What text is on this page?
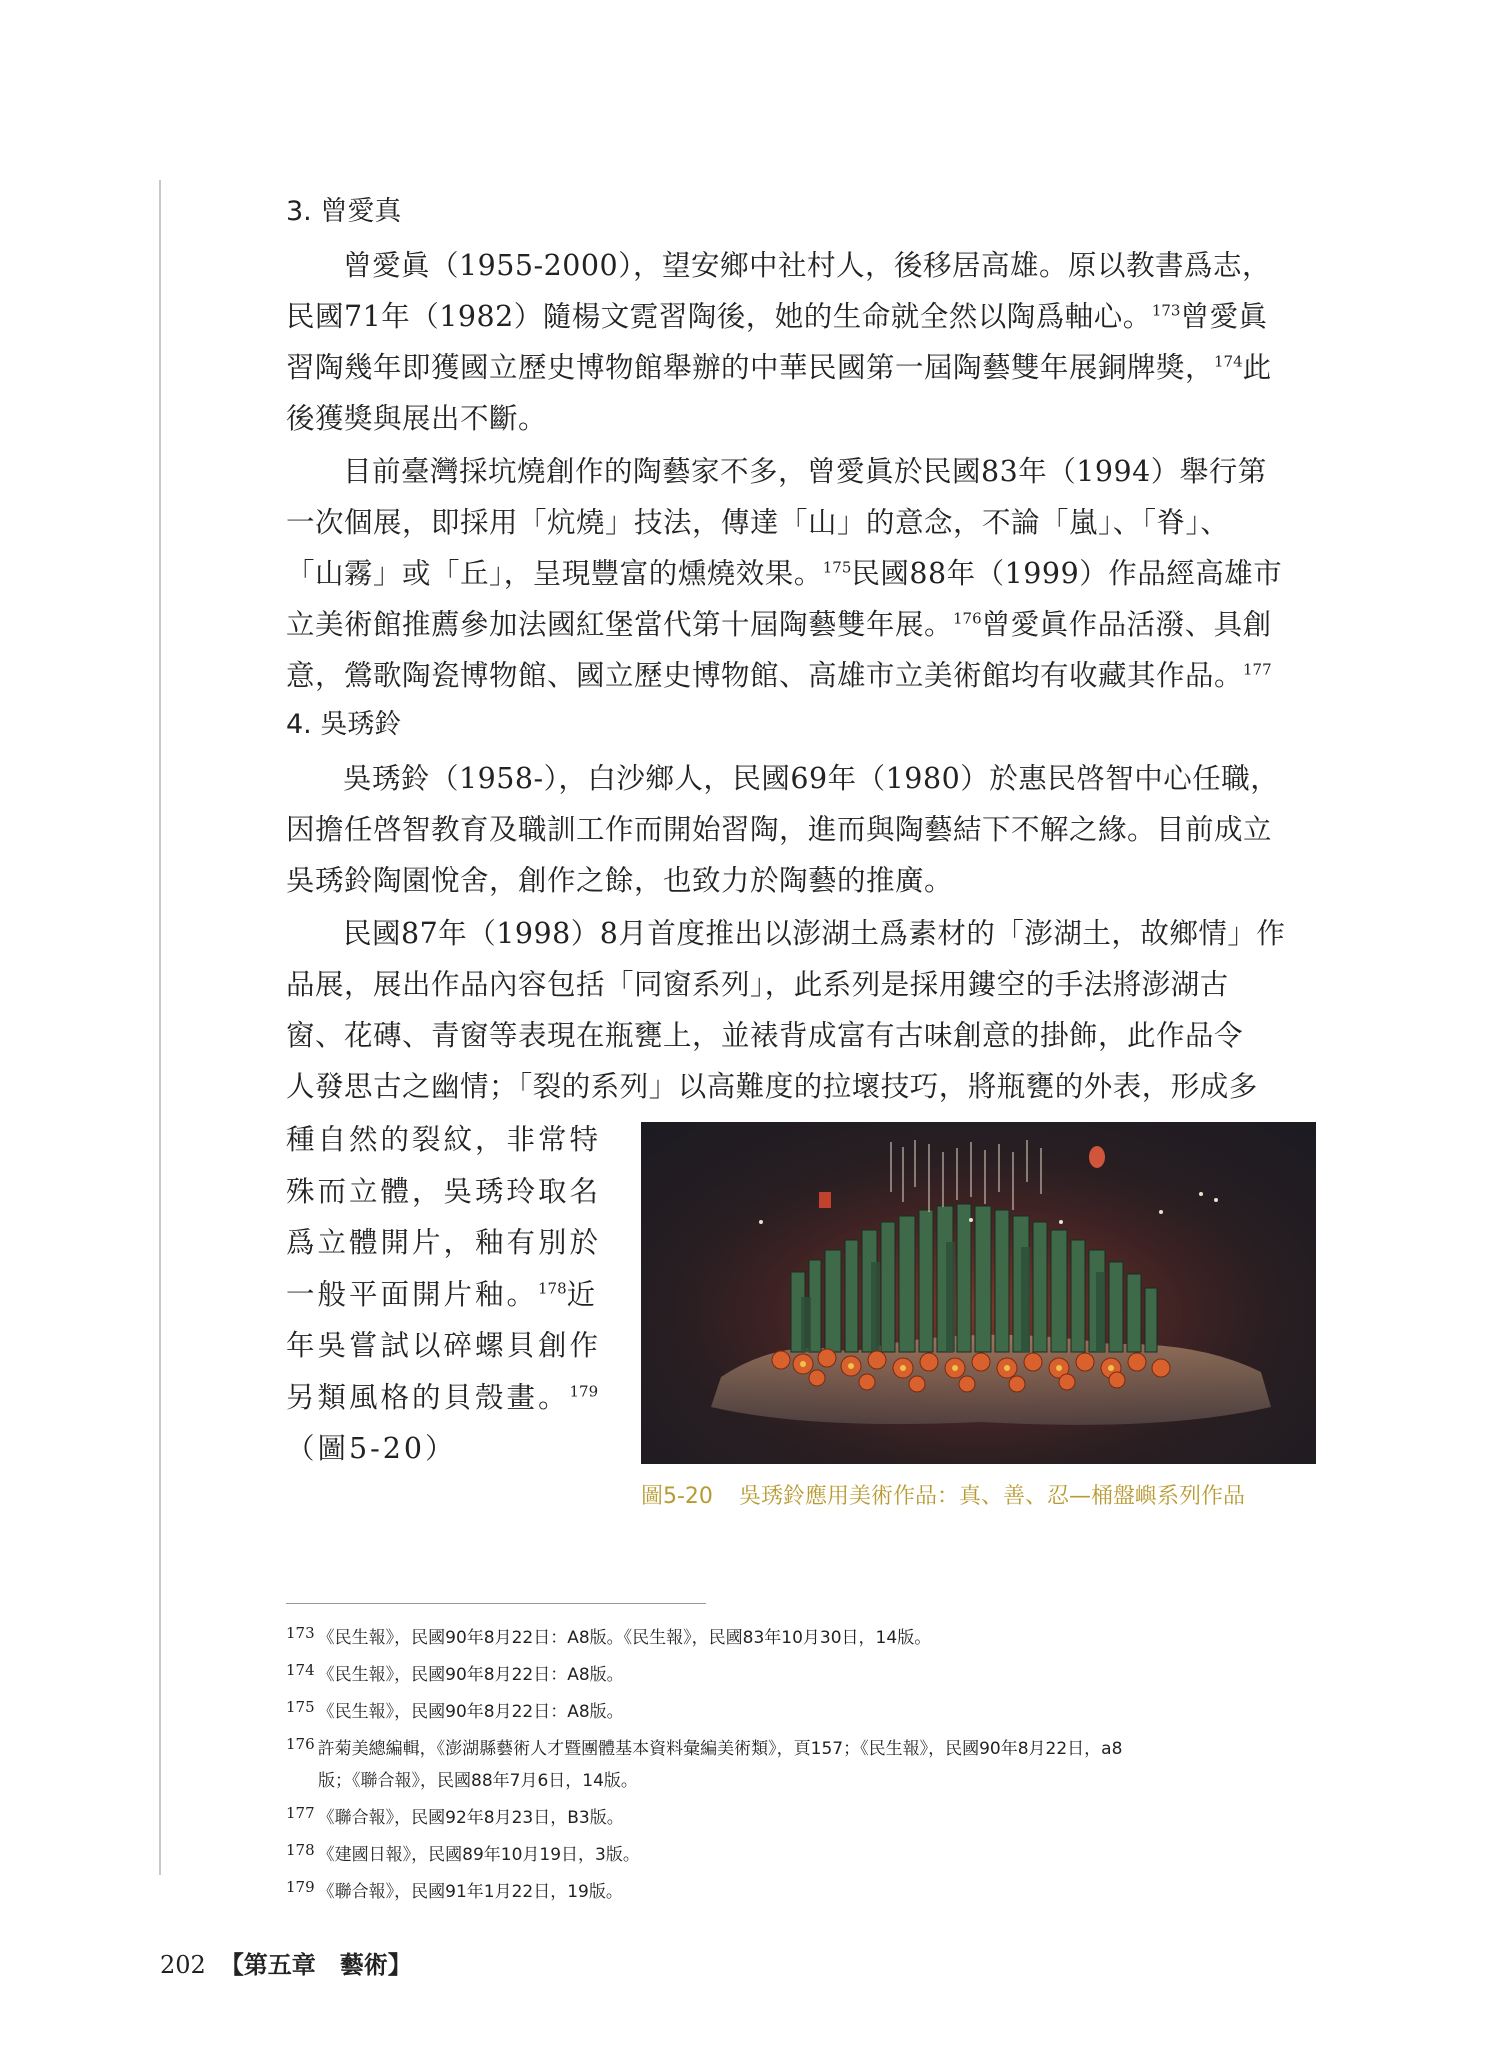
3. 曾愛真
曾愛眞（1955-2000），望安鄉中社村人，後移居高雄。原以教書爲志，
民國71年（1982）隨楊文霓習陶後，她的生命就全然以陶爲軸心。$^{173}$曾愛眞
習陶幾年即獲國立歷史博物館舉辦的中華民國第一屆陶藝雙年展銅牌獎，$^{174}$此
後獲獎與展出不斷。
目前臺灣採坑燒創作的陶藝家不多，曾愛眞於民國83年（1994）舉行第
一次個展，即採用「炕燒」技法，傳達「山」的意念，不論「嵐」、「脊」、
「山霧」或「丘」，呈現豐富的燻燒效果。$^{175}$民國88年（1999）作品經高雄市
立美術館推薦參加法國紅堡當代第十屆陶藝雙年展。$^{176}$曾愛眞作品活潑、具創
意，鶯歌陶瓷博物館、國立歷史博物館、高雄市立美術館均有收藏其作品。$^{177}$
4. 吳琇鈴
吳琇鈴（1958-），白沙鄉人，民國69年（1980）於惠民啓智中心任職，
因擔任啓智教育及職訓工作而開始習陶，進而與陶藝結下不解之緣。目前成立
吳琇鈴陶園悅舍，創作之餘，也致力於陶藝的推廣。
民國87年（1998）8月首度推出以澎湖土爲素材的「澎湖土，故鄉情」作
品展，展出作品內容包括「同窗系列」，此系列是採用鏤空的手法將澎湖古
窗、花磚、青窗等表現在瓶甕上，並裱背成富有古味創意的掛飾，此作品令
人發思古之幽情；「裂的系列」以高難度的拉壞技巧，將瓶甕的外表，形成多
種自然的裂紋，非常特
殊而立體，吳琇玲取名
爲立體開片，釉有別於
一般平面開片釉。$^{178}$近
年吳嘗試以碎螺貝創作
另類風格的貝殼畫。$^{179}$
（圖5-20）
圖5-20 吳琇鈴應用美術作品：真、善、忍—桶盤嶼系列作品
173 《民生報》，民國90年8月22日：A8版。《民生報》，民國83年10月30日，14版。
174 《民生報》，民國90年8月22日：A8版。
175 《民生報》，民國90年8月22日：A8版。
176 許菊美總編輯，《澎湖縣藝術人才暨團體基本資料彙編美術類》，頁157；《民生報》，民國90年8月22日，a8
版；《聯合報》，民國88年7月6日，14版。
177 《聯合報》，民國92年8月23日，B3版。
178 《建國日報》，民國89年10月19日，3版。
179 《聯合報》，民國91年1月22日，19版。
202 【第五章　藝術】
